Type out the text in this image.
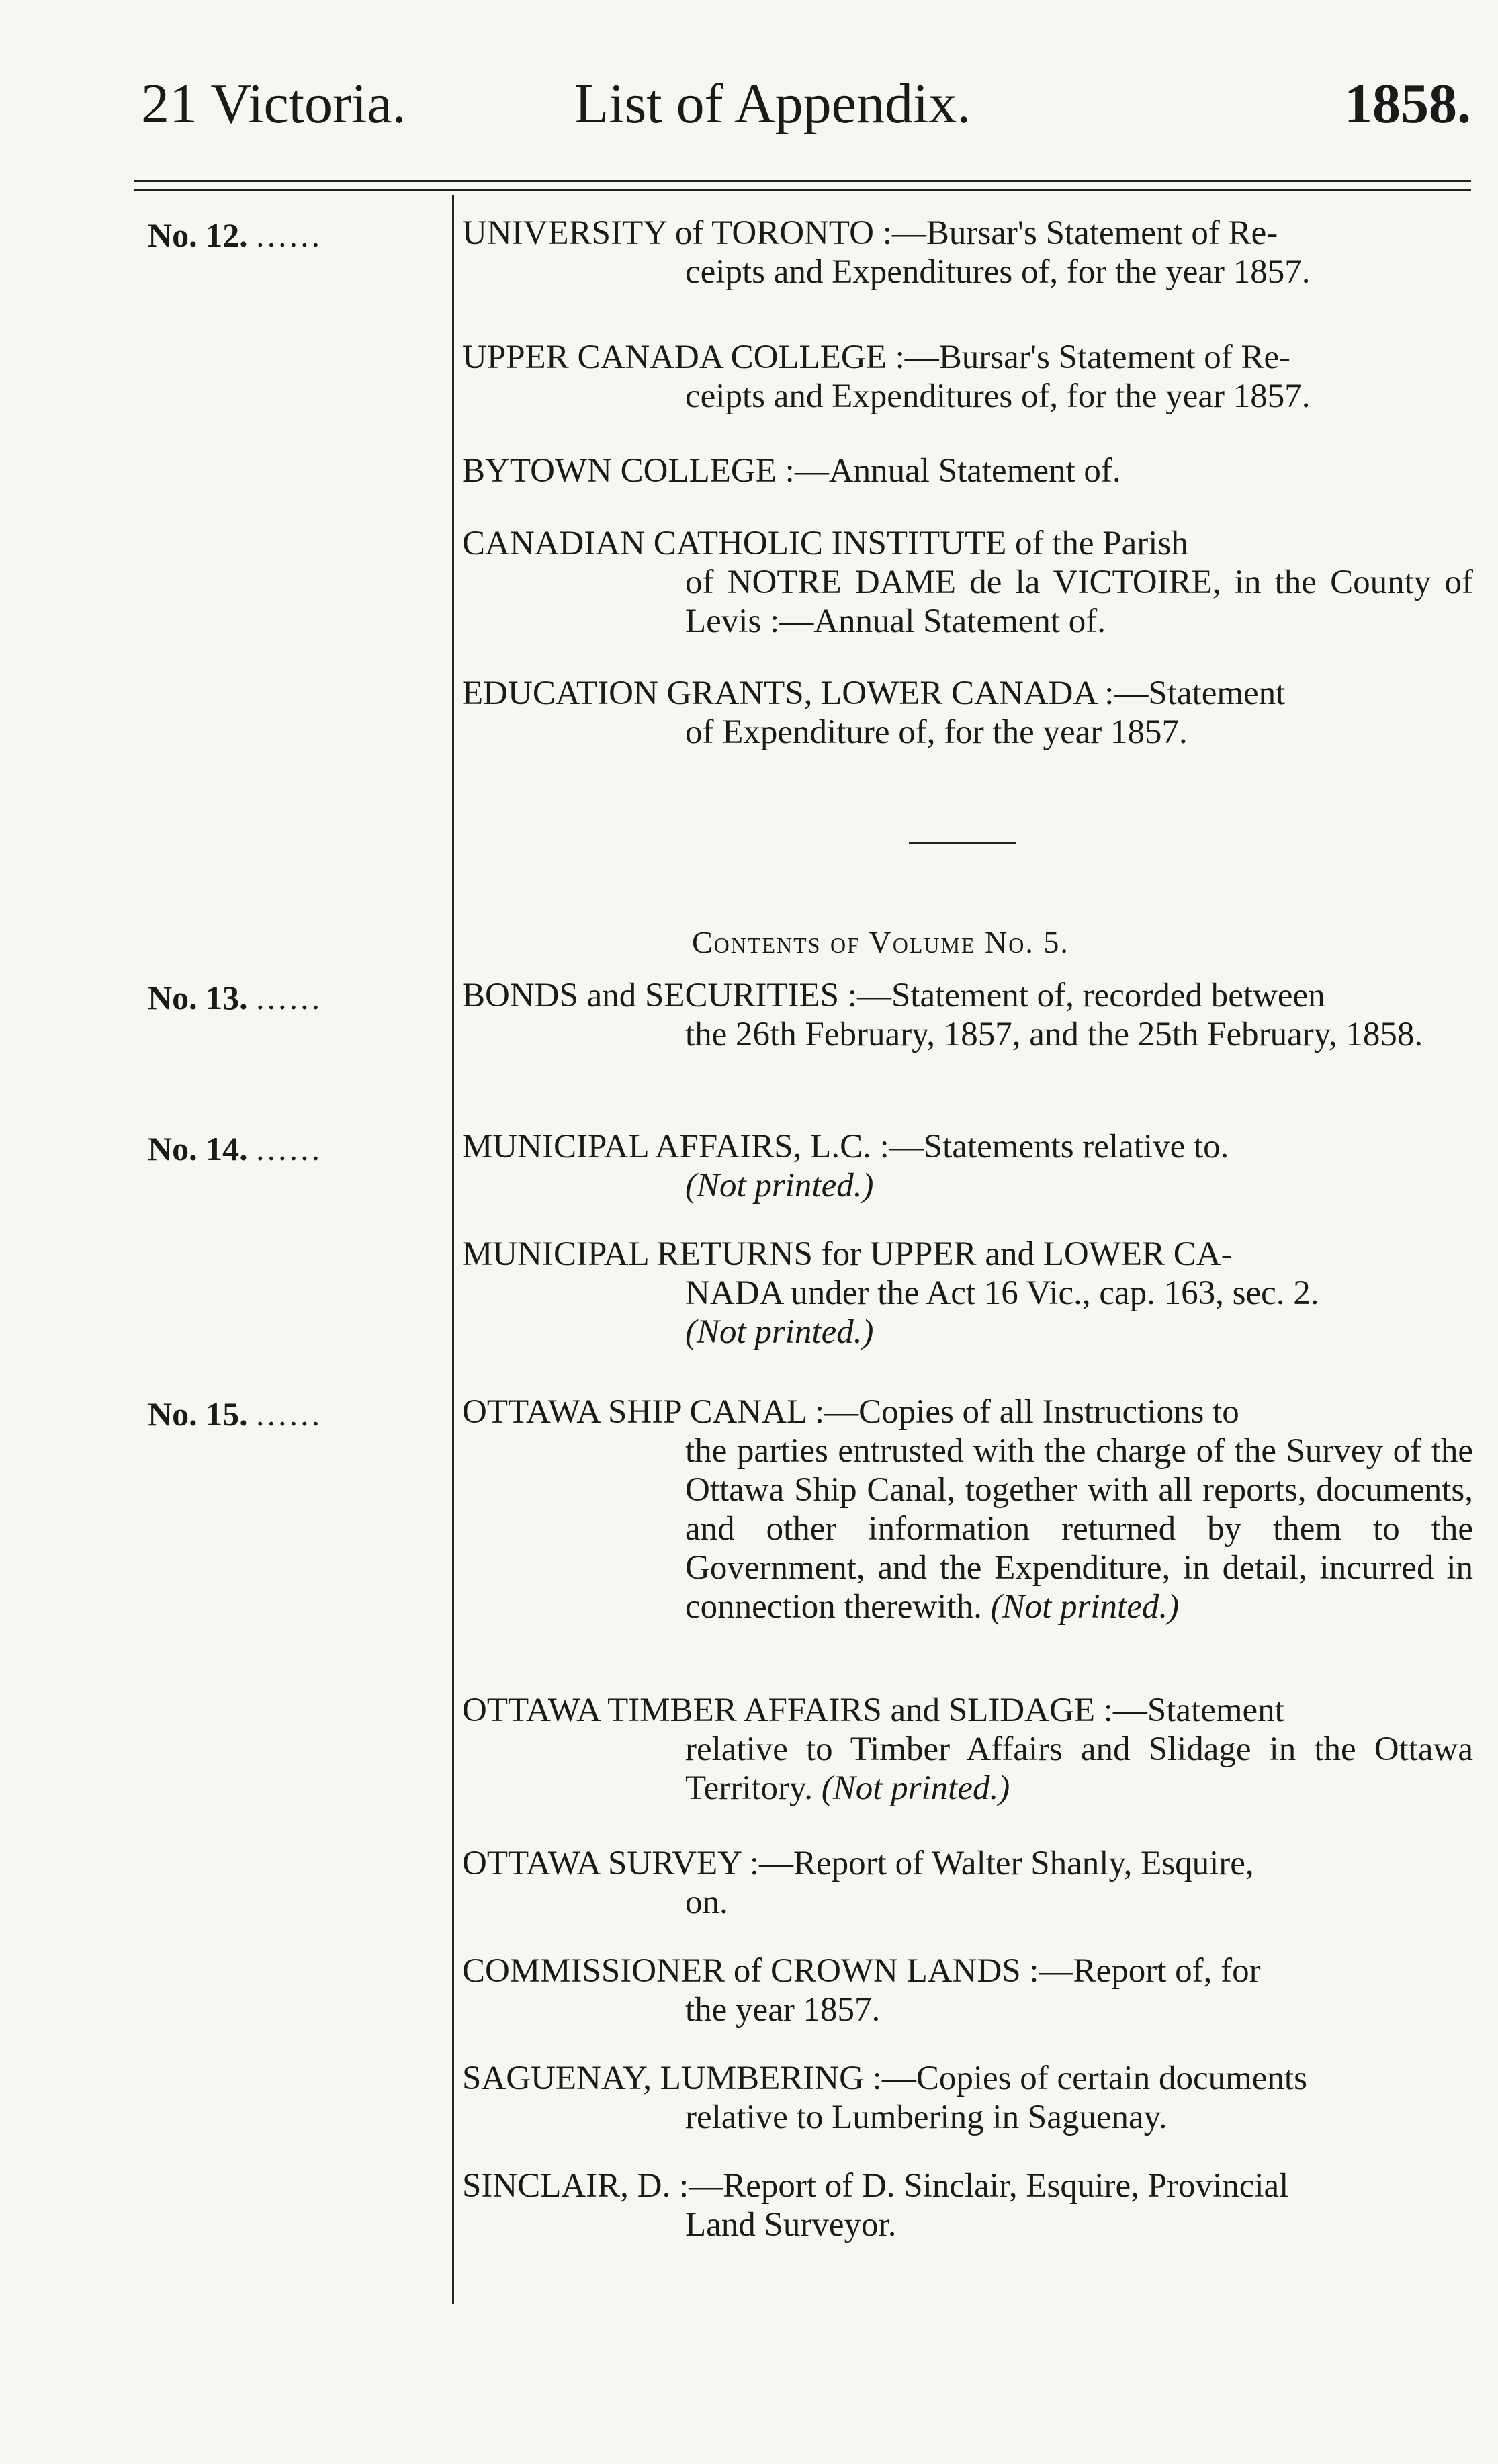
21 Victoria.	List of Appendix.	1858.
No. 12. ......	UNIVERSITY of TORONTO :—Bursar's Statement of Re-
ceipts and Expenditures of, for the year 1857.
UPPER CANADA COLLEGE :—Bursar's Statement of Re-
ceipts and Expenditures of, for the year 1857.
BYTOWN COLLEGE :—Annual Statement of.
CANADIAN CATHOLIC INSTITUTE of the Parish
of NOTRE DAME de la VICTOIRE, in the County of Levis :—Annual Statement of.
EDUCATION GRANTS, LOWER CANADA :—Statement
of Expenditure of, for the year 1857.
Contents of Volume No. 5.
No. 13. ......	BONDS and SECURITIES :—Statement of, recorded between
the 26th February, 1857, and the 25th February, 1858.
No. 14. ......	MUNICIPAL AFFAIRS, L.C. :—Statements relative to.
(Not printed.)
MUNICIPAL RETURNS for UPPER and LOWER CA-
NADA under the Act 16 Vic., cap. 163, sec. 2.
(Not printed.)
No. 15. ......	OTTAWA SHIP CANAL :—Copies of all Instructions to
the parties entrusted with the charge of the Survey of the Ottawa Ship Canal, together with all reports, documents, and other information returned by them to the Government, and the Expenditure, in detail, incurred in connection therewith. (Not printed.)
OTTAWA TIMBER AFFAIRS and SLIDAGE :—Statement
relative to Timber Affairs and Slidage in the Ottawa Territory. (Not printed.)
OTTAWA SURVEY :—Report of Walter Shanly, Esquire,
on.
COMMISSIONER of CROWN LANDS :—Report of, for
the year 1857.
SAGUENAY, LUMBERING :—Copies of certain documents
relative to Lumbering in Saguenay.
SINCLAIR, D. :—Report of D. Sinclair, Esquire, Provincial
Land Surveyor.
